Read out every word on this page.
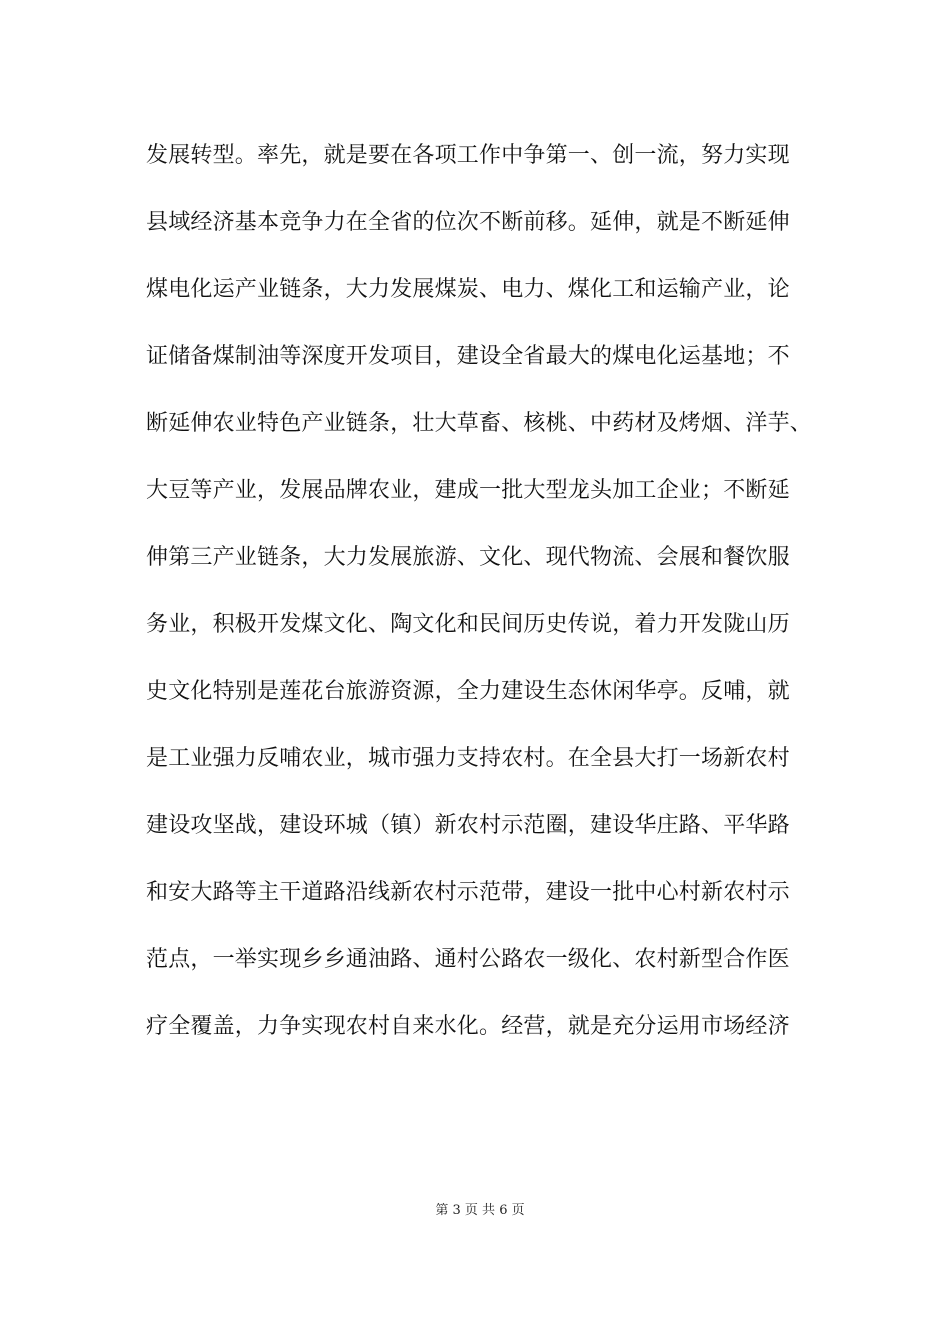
发展转型。率先，就是要在各项工作中争第一、创一流，努力实现
县域经济基本竞争力在全省的位次不断前移。延伸，就是不断延伸
煤电化运产业链条，大力发展煤炭、电力、煤化工和运输产业，论
证储备煤制油等深度开发项目，建设全省最大的煤电化运基地；不
断延伸农业特色产业链条，壮大草畜、核桃、中药材及烤烟、洋芋、
大豆等产业，发展品牌农业，建成一批大型龙头加工企业；不断延
伸第三产业链条，大力发展旅游、文化、现代物流、会展和餐饮服
务业，积极开发煤文化、陶文化和民间历史传说，着力开发陇山历
史文化特别是莲花台旅游资源，全力建设生态休闲华亭。反哺，就
是工业强力反哺农业，城市强力支持农村。在全县大打一场新农村
建设攻坚战，建设环城（镇）新农村示范圈，建设华庄路、平华路
和安大路等主干道路沿线新农村示范带，建设一批中心村新农村示
范点，一举实现乡乡通油路、通村公路农一级化、农村新型合作医
疗全覆盖，力争实现农村自来水化。经营，就是充分运用市场经济
第 3 页 共 6 页
